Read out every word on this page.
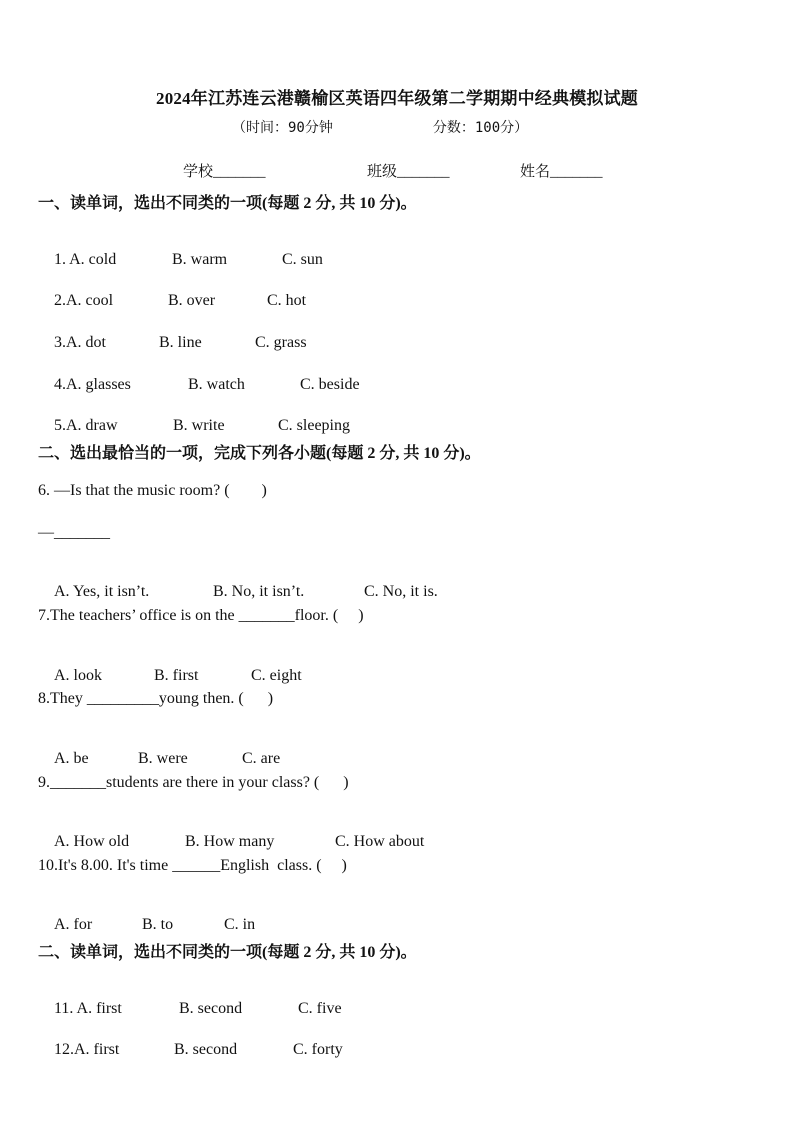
2024年江苏连云港赣榆区英语四年级第二学期期中经典模拟试题
（时间：90分钟	分数：100分）
学校_______	班级_______	姓名_______
一、读单词，选出不同类的一项(每题 2 分, 共 10 分)。

1. A. cold	B. warm	C. sun

2.A. cool	B. over	C. hot

3.A. dot	B. line	C. grass

4.A. glasses	B. watch	C. beside

5.A. draw	B. write	C. sleeping

二、选出最恰当的一项，完成下列各小题(每题 2 分, 共 10 分)。
6. —Is that the music room? (        )
—_______

A. Yes, it isn’t.	B. No, it isn’t.	C. No, it is.

7.The teachers’ office is on the _______floor. (     )

A. look	B. first	C. eight

8.They _________young then. (      )

A. be	B. were	C. are

9._______students are there in your class? (      )

A. How old	B. How many	C. How about

10.It's 8.00. It's time ______English  class. (     )

A. for	B. to	C. in

二、读单词，选出不同类的一项(每题 2 分, 共 10 分)。

11. A. first	B. second	C. five

12.A. first	B. second	C. forty
